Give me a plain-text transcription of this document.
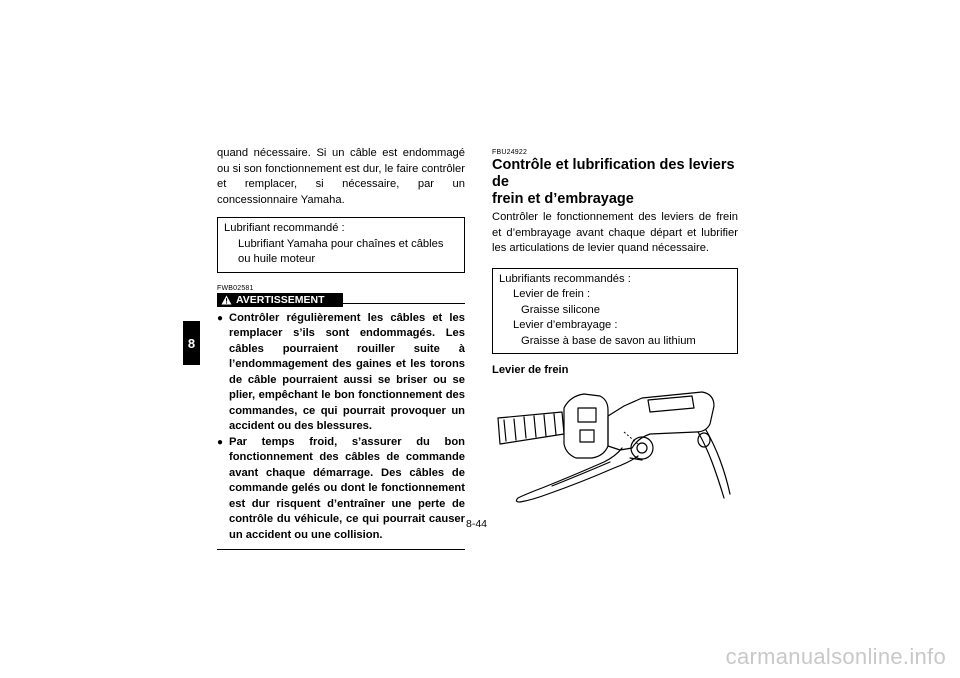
8

quand nécessaire. Si un câble est endommagé ou si son fonctionnement est dur, le faire contrôler et remplacer, si nécessaire, par un concessionnaire Yamaha.

Lubrifiant recommandé :
Lubrifiant Yamaha pour chaînes et câbles
ou huile moteur
FWB02581
AVERTISSEMENT
● Contrôler régulièrement les câbles et les remplacer s’ils sont endommagés. Les câbles pourraient rouiller suite à l’endommagement des gaines et les torons de câble pourraient aussi se briser ou se plier, empêchant le bon fonctionnement des commandes, ce qui pourrait provoquer un accident ou des blessures.
● Par temps froid, s’assurer du bon fonctionnement des câbles de commande avant chaque démarrage. Des câbles de commande gelés ou dont le fonctionnement est dur risquent d’entraîner une perte de contrôle du véhicule, ce qui pourrait causer un accident ou une collision.
FBU24922
Contrôle et lubrification des leviers de
frein et d’embrayage

Contrôler le fonctionnement des leviers de frein et d’embrayage avant chaque départ et lubrifier les articulations de levier quand nécessaire.

Lubrifiants recommandés :
Levier de frein :
Graisse silicone
Levier d’embrayage :
Graisse à base de savon au lithium
Levier de frein
8-44
carmanualsonline.info
